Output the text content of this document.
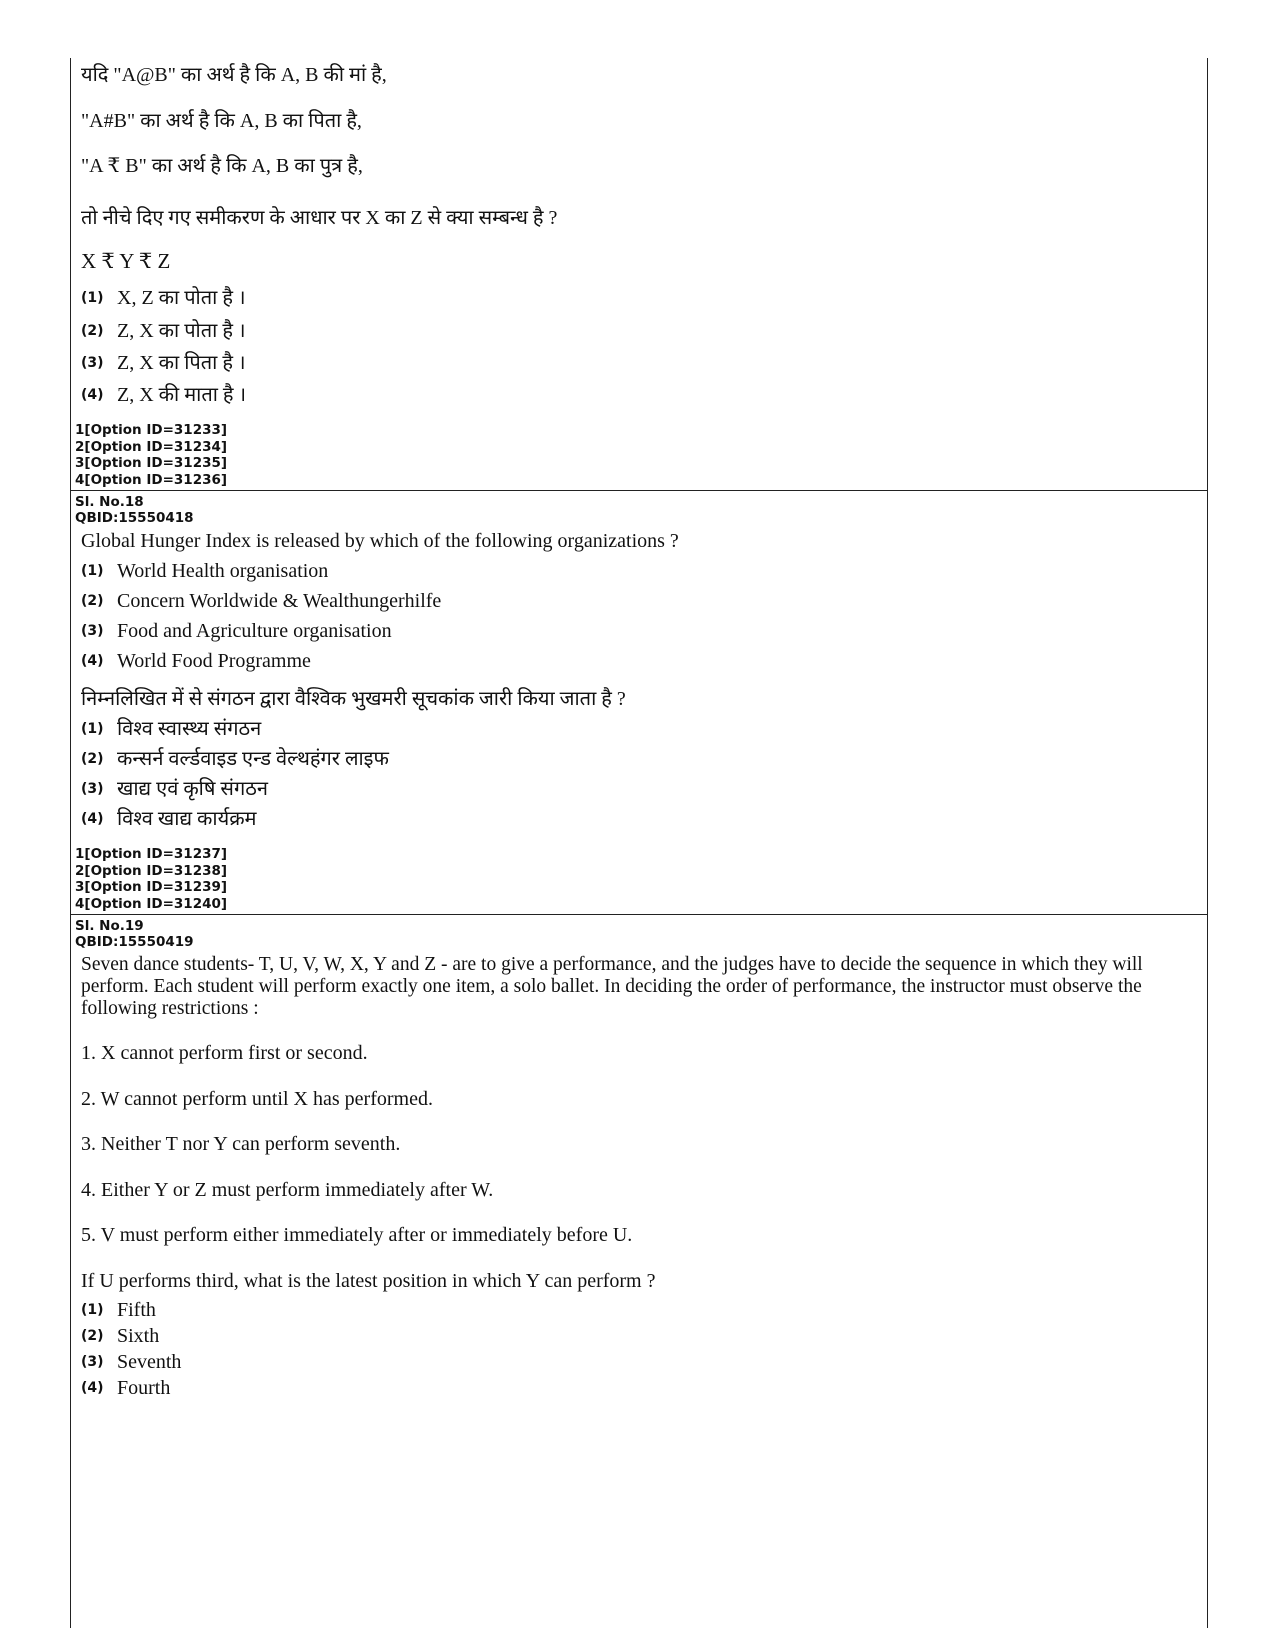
यदि "A@B" का अर्थ है कि A, B की मां है,
"A#B" का अर्थ है कि A, B का पिता है,
"A ₹ B" का अर्थ है कि A, B का पुत्र है,
तो नीचे दिए गए समीकरण के आधार पर X का Z से क्या सम्बन्ध है ?
X ₹ Y ₹ Z
(1) X, Z का पोता है ।
(2) Z, X का पोता है ।
(3) Z, X का पिता है ।
(4) Z, X की माता है ।
1[Option ID=31233]
2[Option ID=31234]
3[Option ID=31235]
4[Option ID=31236]
Sl. No.18
QBID:15550418
Global Hunger Index is released by which of the following organizations ?
(1) World Health organisation
(2) Concern Worldwide & Wealthungerhilfe
(3) Food and Agriculture organisation
(4) World Food Programme
निम्नलिखित में से संगठन द्वारा वैश्विक भुखमरी सूचकांक जारी किया जाता है ?
(1) विश्व स्वास्थ्य संगठन
(2) कन्सर्न वर्ल्डवाइड एन्ड वेल्थहंगर लाइफ
(3) खाद्य एवं कृषि संगठन
(4) विश्व खाद्य कार्यक्रम
1[Option ID=31237]
2[Option ID=31238]
3[Option ID=31239]
4[Option ID=31240]
Sl. No.19
QBID:15550419
Seven dance students- T, U, V, W, X, Y and Z - are to give a performance, and the judges have to decide the sequence in which they will perform. Each student will perform exactly one item, a solo ballet. In deciding the order of performance, the instructor must observe the following restrictions :
1. X cannot perform first or second.
2. W cannot perform until X has performed.
3. Neither T nor Y can perform seventh.
4. Either Y or Z must perform immediately after W.
5. V must perform either immediately after or immediately before U.
If U performs third, what is the latest position in which Y can perform ?
(1) Fifth
(2) Sixth
(3) Seventh
(4) Fourth
